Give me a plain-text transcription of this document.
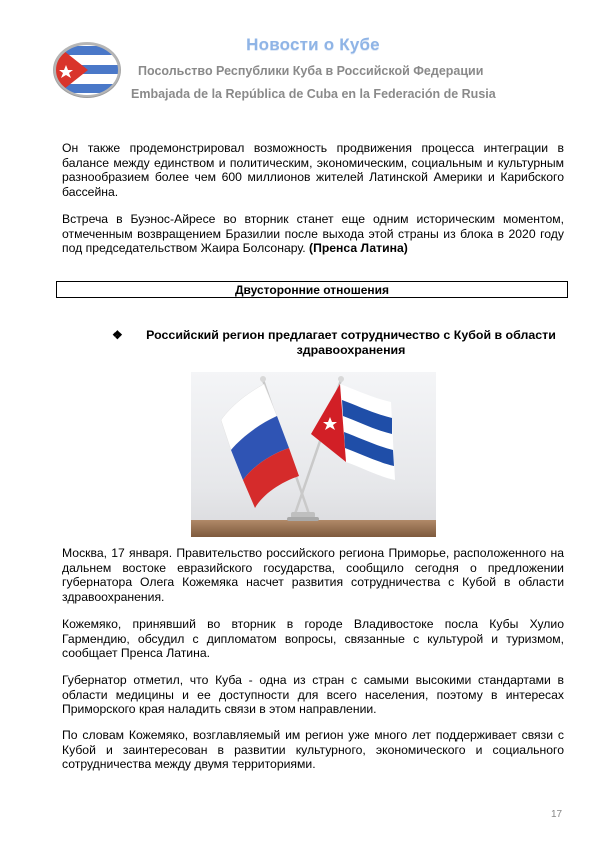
Новости о Кубе
Посольство Республики Куба в Российской Федерации
Embajada de la República de Cuba en la Federación de Rusia
Он также продемонстрировал возможность продвижения процесса интеграции в балансе между единством и политическим, экономическим, социальным и культурным разнообразием более чем 600 миллионов жителей Латинской Америки и Карибского бассейна.
Встреча в Буэнос-Айресе во вторник станет еще одним историческим моментом, отмеченным возвращением Бразилии после выхода этой страны из блока в 2020 году под председательством Жаира Болсонару. (Пренса Латина)
Двусторонние отношения
❖	Российский регион предлагает сотрудничество с Кубой в области здравоохранения
Москва, 17 января. Правительство российского региона Приморье, расположенного на дальнем востоке евразийского государства, сообщило сегодня о предложении губернатора Олега Кожемяка насчет развития сотрудничества с Кубой в области здравоохранения.
Кожемяко, принявший во вторник в городе Владивостоке посла Кубы Хулио Гармендию, обсудил с дипломатом вопросы, связанные с культурой и туризмом, сообщает Пренса Латина.
Губернатор отметил, что Куба - одна из стран с самыми высокими стандартами в области медицины и ее доступности для всего населения, поэтому в интересах Приморского края наладить связи в этом направлении.
По словам Кожемяко, возглавляемый им регион уже много лет поддерживает связи с Кубой и заинтересован в развитии культурного, экономического и социального сотрудничества между двумя территориями.
17
